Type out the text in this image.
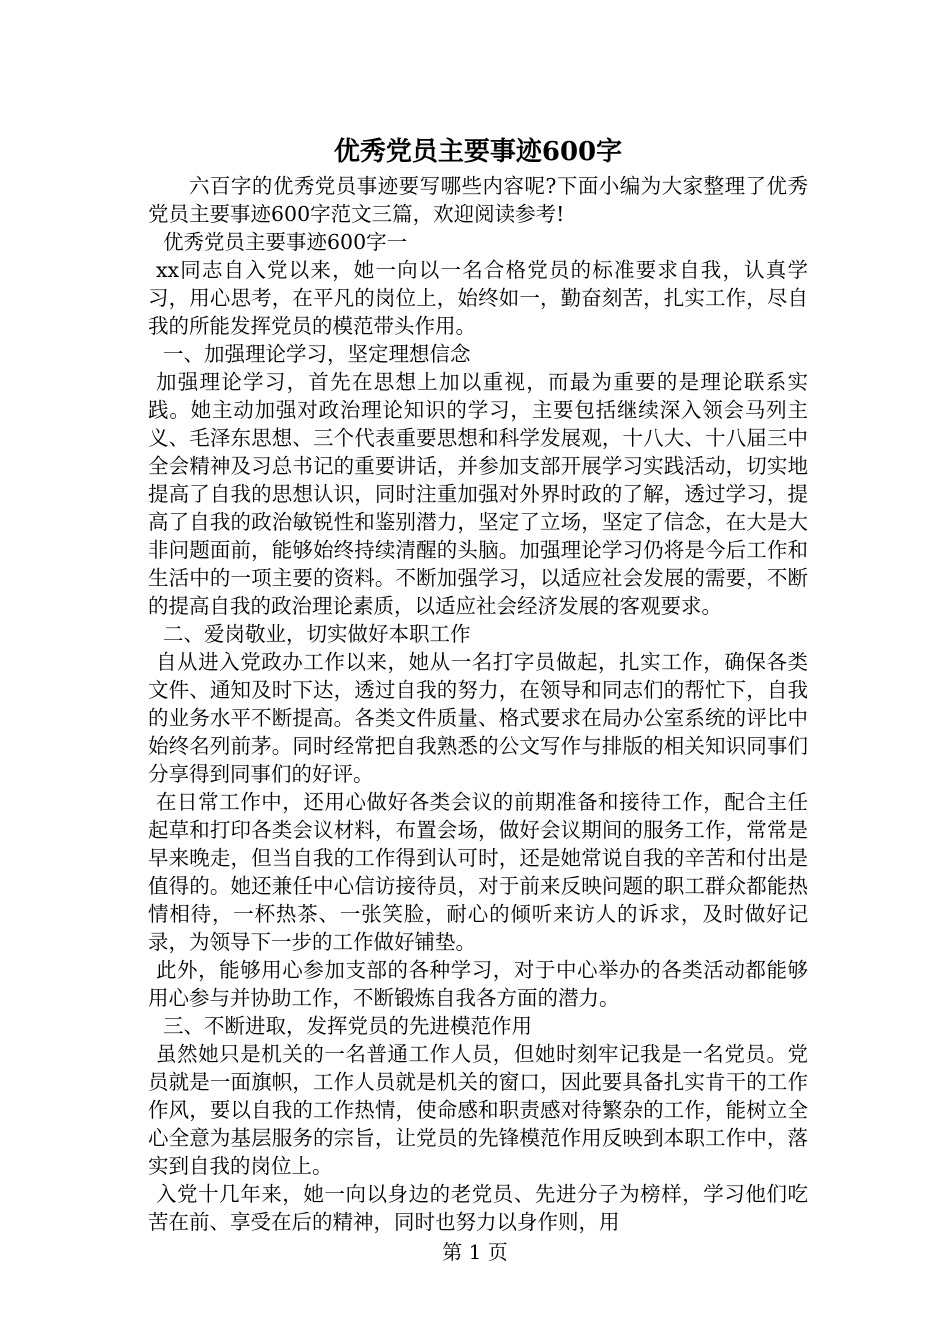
优秀党员主要事迹600字
六百字的优秀党员事迹要写哪些内容呢?下面小编为大家整理了优秀党员主要事迹600字范文三篇，欢迎阅读参考!
优秀党员主要事迹600字一
xx同志自入党以来，她一向以一名合格党员的标准要求自我，认真学习，用心思考，在平凡的岗位上，始终如一，勤奋刻苦，扎实工作，尽自我的所能发挥党员的模范带头作用。
一、加强理论学习，坚定理想信念
加强理论学习，首先在思想上加以重视，而最为重要的是理论联系实践。她主动加强对政治理论知识的学习，主要包括继续深入领会马列主义、毛泽东思想、三个代表重要思想和科学发展观，十八大、十八届三中全会精神及习总书记的重要讲话，并参加支部开展学习实践活动，切实地提高了自我的思想认识，同时注重加强对外界时政的了解，透过学习，提高了自我的政治敏锐性和鉴别潜力，坚定了立场，坚定了信念，在大是大非问题面前，能够始终持续清醒的头脑。加强理论学习仍将是今后工作和生活中的一项主要的资料。不断加强学习，以适应社会发展的需要，不断的提高自我的政治理论素质，以适应社会经济发展的客观要求。
二、爱岗敬业，切实做好本职工作
自从进入党政办工作以来，她从一名打字员做起，扎实工作，确保各类文件、通知及时下达，透过自我的努力，在领导和同志们的帮忙下，自我的业务水平不断提高。各类文件质量、格式要求在局办公室系统的评比中始终名列前茅。同时经常把自我熟悉的公文写作与排版的相关知识同事们分享得到同事们的好评。
在日常工作中，还用心做好各类会议的前期准备和接待工作，配合主任起草和打印各类会议材料，布置会场，做好会议期间的服务工作，常常是早来晚走，但当自我的工作得到认可时，还是她常说自我的辛苦和付出是值得的。她还兼任中心信访接待员，对于前来反映问题的职工群众都能热情相待，一杯热茶、一张笑脸，耐心的倾听来访人的诉求，及时做好记录，为领导下一步的工作做好铺垫。
此外，能够用心参加支部的各种学习，对于中心举办的各类活动都能够用心参与并协助工作，不断锻炼自我各方面的潜力。
三、不断进取，发挥党员的先进模范作用
虽然她只是机关的一名普通工作人员，但她时刻牢记我是一名党员。党员就是一面旗帜，工作人员就是机关的窗口，因此要具备扎实肯干的工作作风，要以自我的工作热情，使命感和职责感对待繁杂的工作，能树立全心全意为基层服务的宗旨，让党员的先锋模范作用反映到本职工作中，落实到自我的岗位上。
入党十几年来，她一向以身边的老党员、先进分子为榜样，学习他们吃苦在前、享受在后的精神，同时也努力以身作则，用
第 1 页
